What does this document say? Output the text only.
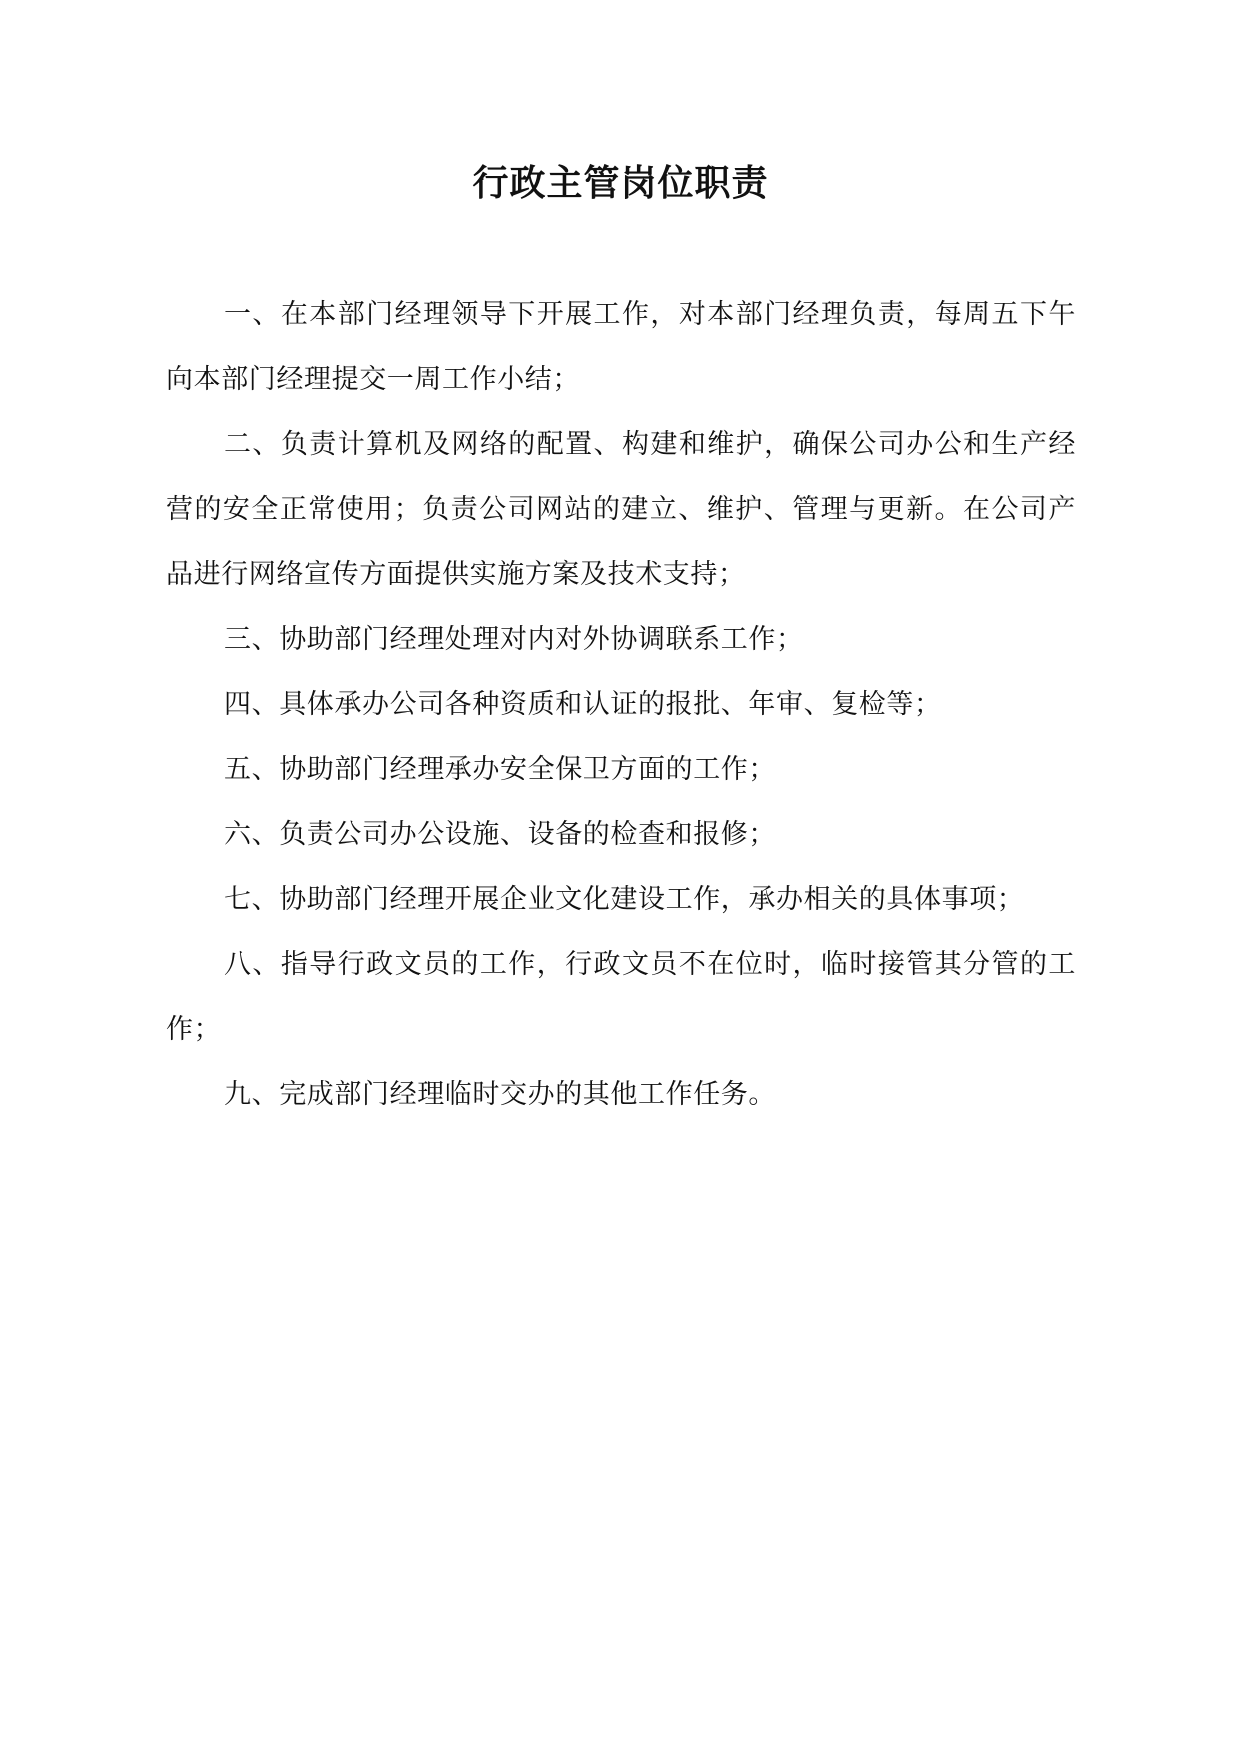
行政主管岗位职责

一、在本部门经理领导下开展工作，对本部门经理负责，每周五下午向本部门经理提交一周工作小结；

二、负责计算机及网络的配置、构建和维护，确保公司办公和生产经营的安全正常使用；负责公司网站的建立、维护、管理与更新。在公司产品进行网络宣传方面提供实施方案及技术支持；

三、协助部门经理处理对内对外协调联系工作；

四、具体承办公司各种资质和认证的报批、年审、复检等；

五、协助部门经理承办安全保卫方面的工作；

六、负责公司办公设施、设备的检查和报修；

七、协助部门经理开展企业文化建设工作，承办相关的具体事项；

八、指导行政文员的工作，行政文员不在位时，临时接管其分管的工作；

九、完成部门经理临时交办的其他工作任务。
